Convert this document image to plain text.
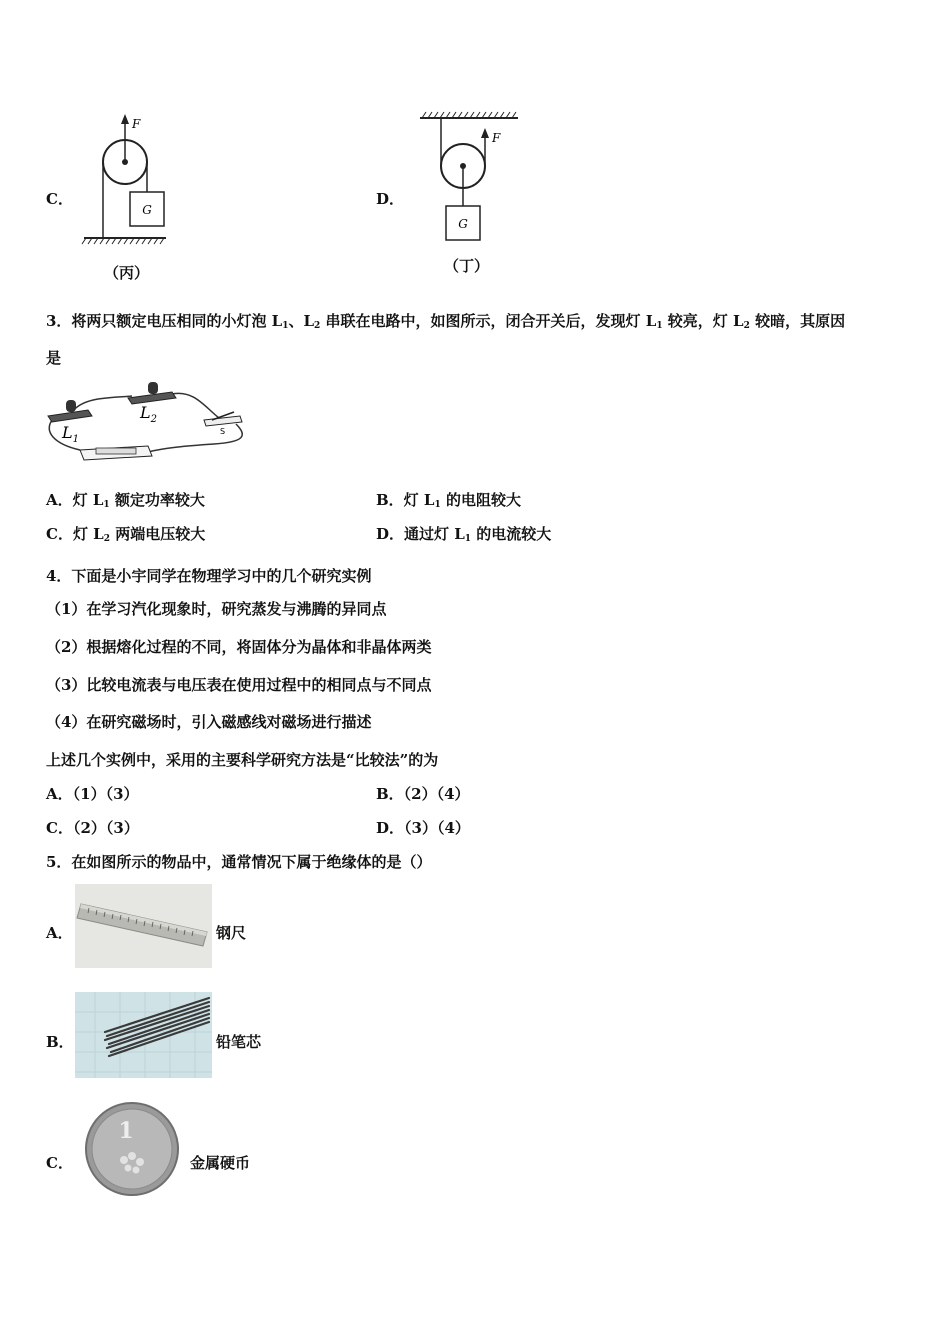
C．
F
G
（丙）
D．
F
G
（丁）
3．将两只额定电压相同的小灯泡 $L_1$、$L_2$ 串联在电路中，如图所示，闭合开关后，发现灯 $L_1$ 较亮，灯 $L_2$ 较暗，其原因
是
$L_1$
$L_2$
S
A．灯 $L_1$ 额定功率较大	B．灯 $L_1$ 的电阻较大
C．灯 $L_2$ 两端电压较大	D．通过灯 $L_1$ 的电流较大
4．下面是小宇同学在物理学习中的几个研究实例
（1）在学习汽化现象时，研究蒸发与沸腾的异同点
（2）根据熔化过程的不同，将固体分为晶体和非晶体两类
（3）比较电流表与电压表在使用过程中的相同点与不同点
（4）在研究磁场时，引入磁感线对磁场进行描述
上述几个实例中，采用的主要科学研究方法是“比较法”的为
A．（1）（3）	B．（2）（4）
C．（2）（3）	D．（3）（4）
5．在如图所示的物品中，通常情况下属于绝缘体的是（）
A．	钢尺
B．	铅笔芯
C．
1
金属硬币
